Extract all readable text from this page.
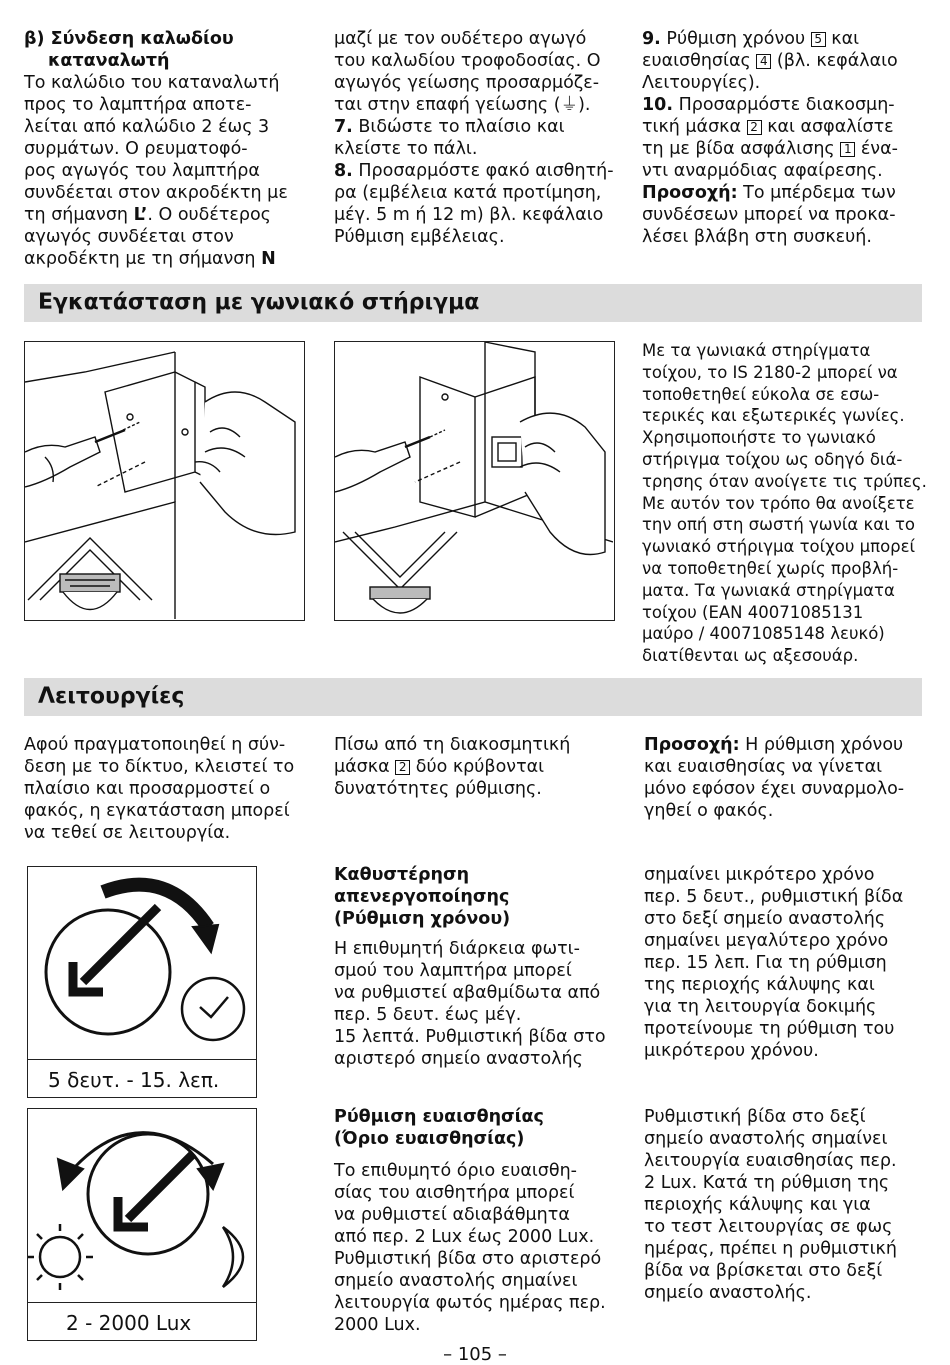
β) Σύνδεση καλωδίου
καταναλωτή

Το καλώδιο του καταναλωτή
προς το λαμπτήρα αποτε-
λείται από καλώδιο 2 έως 3
συρμάτων. Ο ρευματοφό-
ρος αγωγός του λαμπτήρα
συνδέεται στον ακροδέκτη με
τη σήμανση L’. Ο ουδέτερος
αγωγός συνδέεται στον
ακροδέκτη με τη σήμανση N

μαζί με τον ουδέτερο αγωγό
του καλωδίου τροφοδοσίας. Ο
αγωγός γείωσης προσαρμόζε-
ται στην επαφή γείωσης (⏚).

7. Βιδώστε το πλαίσιο και
κλείστε το πάλι.

8. Προσαρμόστε φακό αισθητή-
ρα (εμβέλεια κατά προτίμηση,
μέγ. 5 m ή 12 m) βλ. κεφάλαιο
Ρύθμιση εμβέλειας.

9. Ρύθμιση χρόνου 5 και
ευαισθησίας 4 (βλ. κεφάλαιο
Λειτουργίες).

10. Προσαρμόστε διακοσμη-
τική μάσκα 2 και ασφαλίστε
τη με βίδα ασφάλισης 1 ένα-
ντι αναρμόδιας αφαίρεσης.

Προσοχή: Το μπέρδεμα των
συνδέσεων μπορεί να προκα-
λέσει βλάβη στη συσκευή.

Εγκατάσταση με γωνιακό στήριγμα

Με τα γωνιακά στηρίγματα
τοίχου, το IS 2180-2 μπορεί να
τοποθετηθεί εύκολα σε εσω-
τερικές και εξωτερικές γωνίες.
Χρησιμοποιήστε το γωνιακό
στήριγμα τοίχου ως οδηγό διά-
τρησης όταν ανοίγετε τις τρύπες.
Με αυτόν τον τρόπο θα ανοίξετε
την οπή στη σωστή γωνία και το
γωνιακό στήριγμα τοίχου μπορεί
να τοποθετηθεί χωρίς προβλή-
ματα. Τα γωνιακά στηρίγματα
τοίχου (EAN 40071085131
μαύρο / 40071085148 λευκό)
διατίθενται ως αξεσουάρ.

Λειτουργίες

Αφού πραγματοποιηθεί η σύν-
δεση με το δίκτυο, κλειστεί το
πλαίσιο και προσαρμοστεί ο
φακός, η εγκατάσταση μπορεί
να τεθεί σε λειτουργία.

Πίσω από τη διακοσμητική
μάσκα 2 δύο κρύβονται
δυνατότητες ρύθμισης.

Προσοχή: Η ρύθμιση χρόνου
και ευαισθησίας να γίνεται
μόνο εφόσον έχει συναρμολο-
γηθεί ο φακός.

5 δευτ. - 15. λεπ.

Καθυστέρηση
απενεργοποίησης
(Ρύθμιση χρόνου)

Η επιθυμητή διάρκεια φωτι-
σμού του λαμπτήρα μπορεί
να ρυθμιστεί αβαθμίδωτα από
περ. 5 δευτ. έως μέγ.
15 λεπτά. Ρυθμιστική βίδα στο
αριστερό σημείο αναστολής

σημαίνει μικρότερο χρόνο
περ. 5 δευτ., ρυθμιστική βίδα
στο δεξί σημείο αναστολής
σημαίνει μεγαλύτερο χρόνο
περ. 15 λεπ. Για τη ρύθμιση
της περιοχής κάλυψης και
για τη λειτουργία δοκιμής
προτείνουμε τη ρύθμιση του
μικρότερου χρόνου.

2 - 2000 Lux

Ρύθμιση ευαισθησίας
(Όριο ευαισθησίας)

Το επιθυμητό όριο ευαισθη-
σίας του αισθητήρα μπορεί
να ρυθμιστεί αδιαβάθμητα
από περ. 2 Lux έως 2000 Lux.
Ρυθμιστική βίδα στο αριστερό
σημείο αναστολής σημαίνει
λειτουργία φωτός ημέρας περ.
2000 Lux.

Ρυθμιστική βίδα στο δεξί
σημείο αναστολής σημαίνει
λειτουργία ευαισθησίας περ.
2 Lux. Κατά τη ρύθμιση της
περιοχής κάλυψης και για
το τεστ λειτουργίας σε φως
ημέρας, πρέπει η ρυθμιστική
βίδα να βρίσκεται στο δεξί
σημείο αναστολής.

– 105 –
